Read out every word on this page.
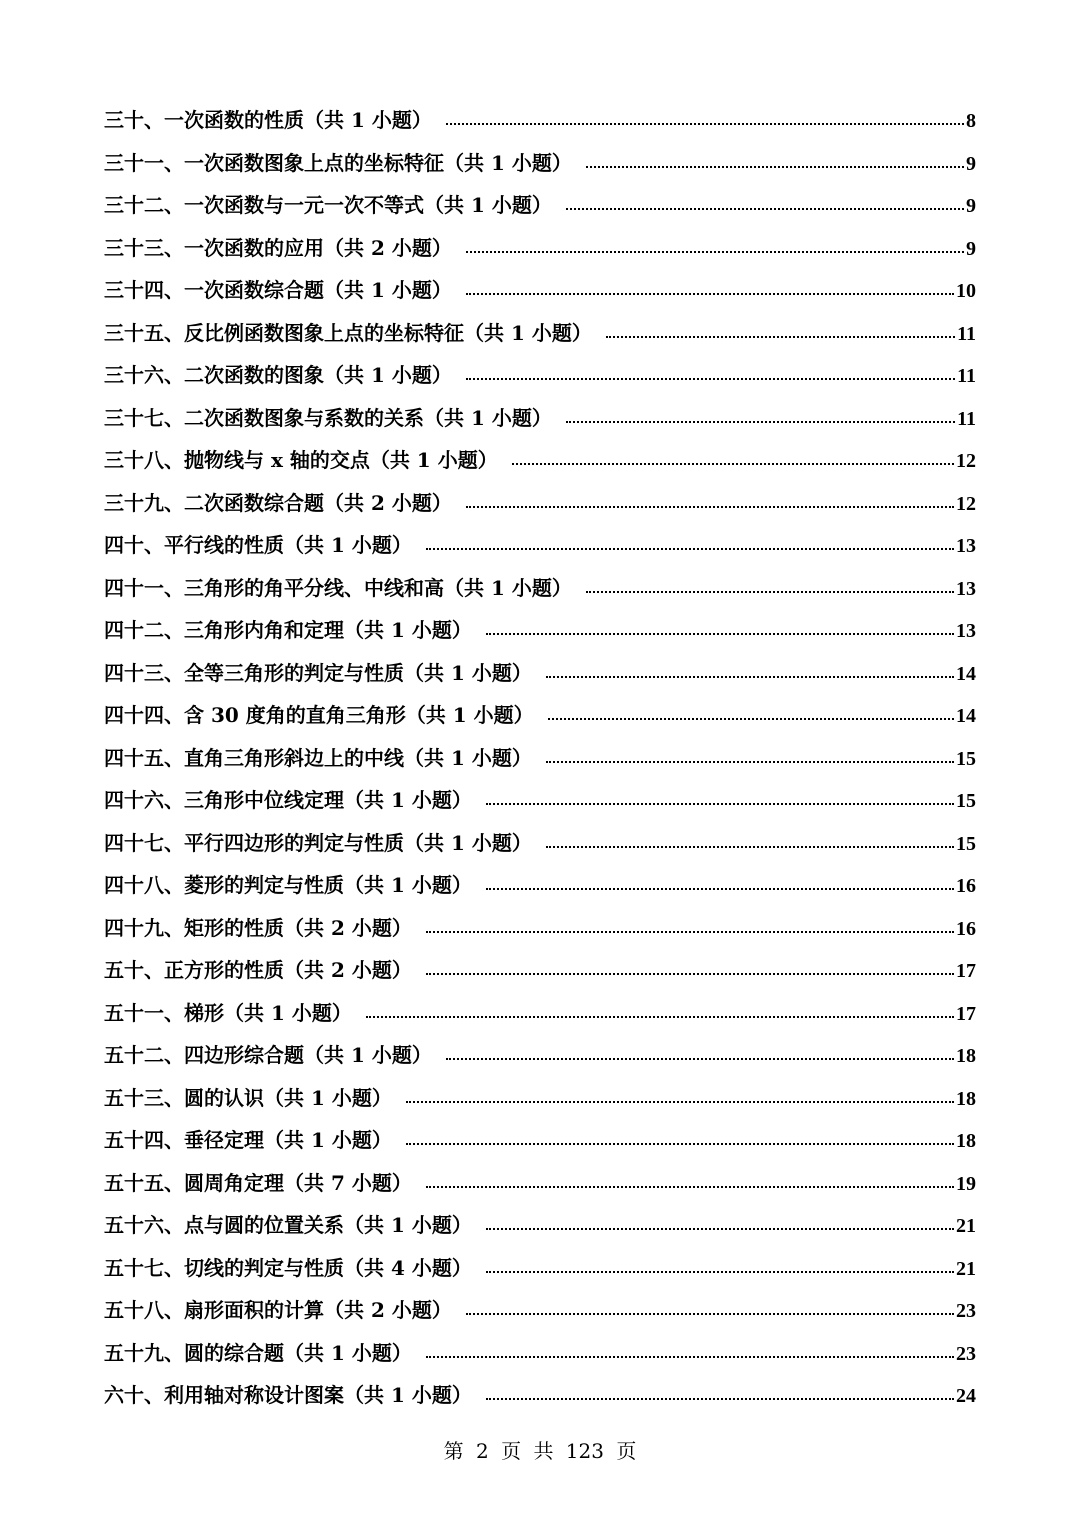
三十、一次函数的性质（共 1 小题）	8
三十一、一次函数图象上点的坐标特征（共 1 小题）	9
三十二、一次函数与一元一次不等式（共 1 小题）	9
三十三、一次函数的应用（共 2 小题）	9
三十四、一次函数综合题（共 1 小题）	10
三十五、反比例函数图象上点的坐标特征（共 1 小题）	11
三十六、二次函数的图象（共 1 小题）	11
三十七、二次函数图象与系数的关系（共 1 小题）	11
三十八、抛物线与 x 轴的交点（共 1 小题）	12
三十九、二次函数综合题（共 2 小题）	12
四十、平行线的性质（共 1 小题）	13
四十一、三角形的角平分线、中线和高（共 1 小题）	13
四十二、三角形内角和定理（共 1 小题）	13
四十三、全等三角形的判定与性质（共 1 小题）	14
四十四、含 30 度角的直角三角形（共 1 小题）	14
四十五、直角三角形斜边上的中线（共 1 小题）	15
四十六、三角形中位线定理（共 1 小题）	15
四十七、平行四边形的判定与性质（共 1 小题）	15
四十八、菱形的判定与性质（共 1 小题）	16
四十九、矩形的性质（共 2 小题）	16
五十、正方形的性质（共 2 小题）	17
五十一、梯形（共 1 小题）	17
五十二、四边形综合题（共 1 小题）	18
五十三、圆的认识（共 1 小题）	18
五十四、垂径定理（共 1 小题）	18
五十五、圆周角定理（共 7 小题）	19
五十六、点与圆的位置关系（共 1 小题）	21
五十七、切线的判定与性质（共 4 小题）	21
五十八、扇形面积的计算（共 2 小题）	23
五十九、圆的综合题（共 1 小题）	23
六十、利用轴对称设计图案（共 1 小题）	24
第 2 页 共 123 页
